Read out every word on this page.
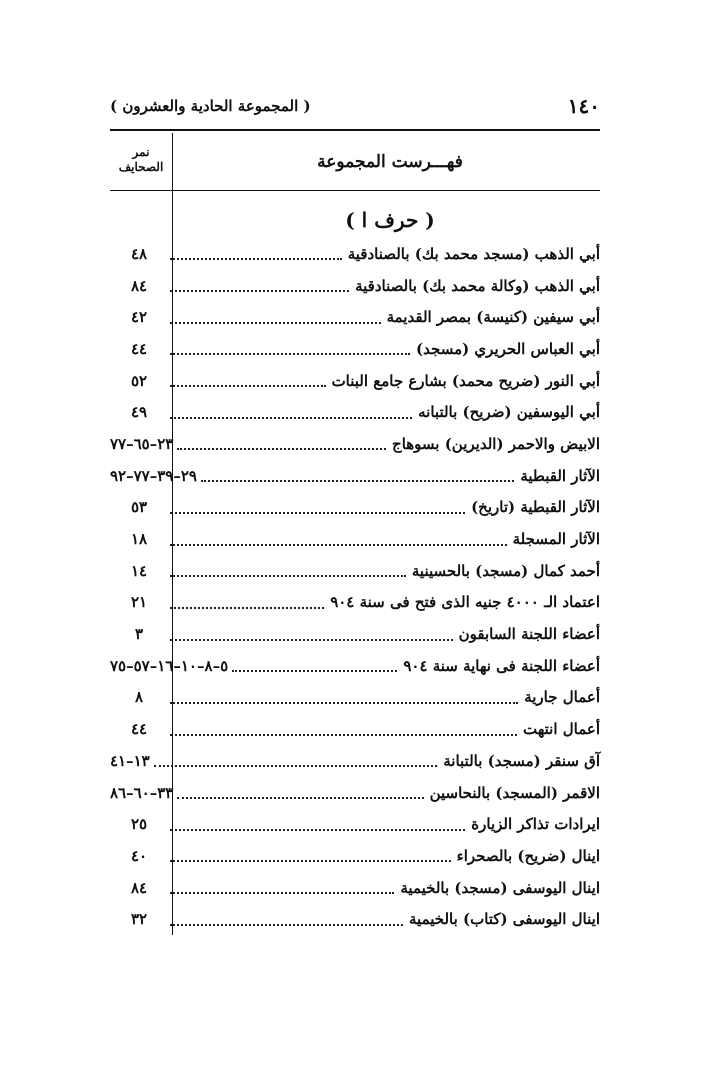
١٤٠
( المجموعة الحادية والعشرون )
نمر
الصحايف	فهـــرست المجموعة
( حرف ا )
أبي الذهب (مسجد محمد بك) بالصنادقية
٤٨
أبي الذهب (وكالة محمد بك) بالصنادقية
٨٤
أبي سيفين (كنيسة) بمصر القديمة
٤٢
أبي العباس الحريري (مسجد)
٤٤
أبي النور (ضريح محمد) بشارع جامع البنات
٥٢
أبي اليوسفين (ضريح) بالتبانه
٤٩
الابيض والاحمر (الديرين) بسوهاج
٢٣–٦٥–٧٧
الآثار القبطية
٢٩–٣٩–٧٧–٩٢
الآثار القبطية (تاريخ)
٥٣
الآثار المسجلة
١٨
أحمد كمال (مسجد) بالحسينية
١٤
اعتماد الـ ٤٠٠٠ جنيه الذى فتح فى سنة ٩٠٤
٢١
أعضاء اللجنة السابقون
٣
أعضاء اللجنة فى نهاية سنة ٩٠٤
٥–٨–١٠–١٦–٥٧–٧٥
أعمال جارية
٨
أعمال انتهت
٤٤
آق سنقر (مسجد) بالتبانة
١٣–٤١
الاقمر (المسجد) بالنحاسين
٣٣–٦٠–٨٦
ايرادات تذاكر الزيارة
٢٥
اينال (ضريح) بالصحراء
٤٠
اينال اليوسفى (مسجد) بالخيمية
٨٤
اينال اليوسفى (كتاب) بالخيمية
٣٢
